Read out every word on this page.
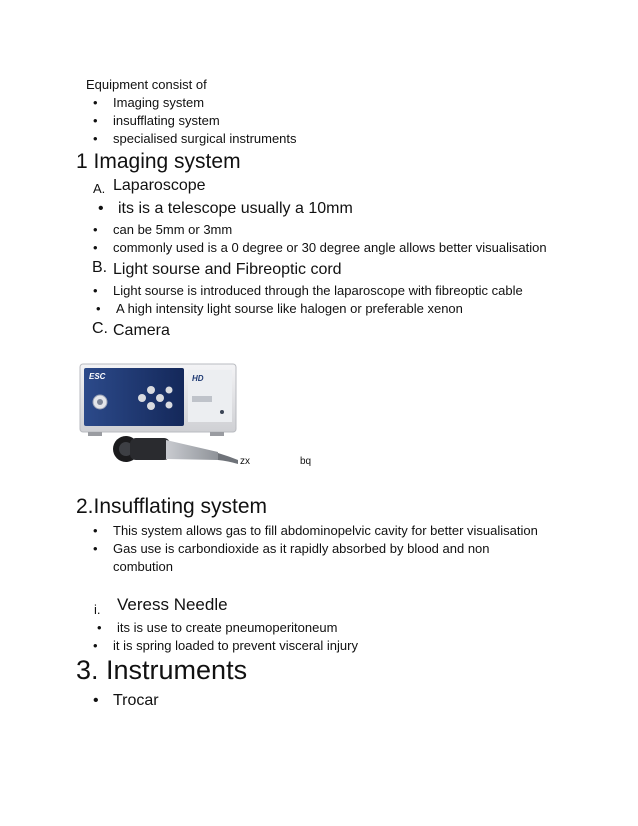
Equipment consist of
• Imaging system
• insufflating system
• specialised surgical instruments
1 Imaging system
A. Laparoscope
• its is a telescope usually a 10mm
• can be 5mm or 3mm
• commonly used is a 0 degree or 30 degree angle allows better visualisation
B. Light sourse and Fibreoptic cord
• Light sourse is introduced through the laparoscope with fibreoptic cable
• A high intensity light sourse like halogen or preferable xenon
C. Camera
ESC	HD
zx	bq
2.Insufflating system
• This system allows gas to fill abdominopelvic cavity for better visualisation
• Gas use is carbondioxide as it rapidly absorbed by blood and non
combution
i. Veress Needle
• its is use to create pneumoperitoneum
• it is spring loaded to prevent visceral injury
3. Instruments
• Trocar
